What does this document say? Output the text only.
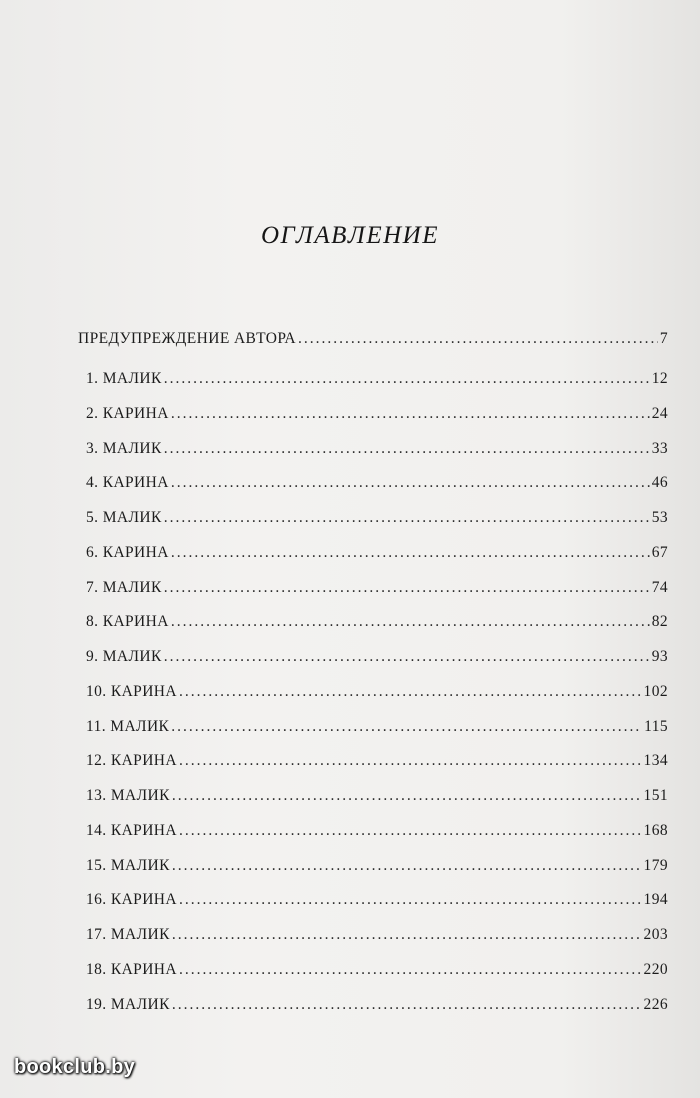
ОГЛАВЛЕНИЕ
ПРЕДУПРЕЖДЕНИЕ АВТОРА .....	7
1. МАЛИК .....	12
2. КАРИНА .....	24
3. МАЛИК .....	33
4. КАРИНА .....	46
5. МАЛИК .....	53
6. КАРИНА .....	67
7. МАЛИК .....	74
8. КАРИНА .....	82
9. МАЛИК .....	93
10. КАРИНА .....	102
11. МАЛИК .....	115
12. КАРИНА .....	134
13. МАЛИК .....	151
14. КАРИНА .....	168
15. МАЛИК .....	179
16. КАРИНА .....	194
17. МАЛИК .....	203
18. КАРИНА .....	220
19. МАЛИК .....	226
bookclub.by
